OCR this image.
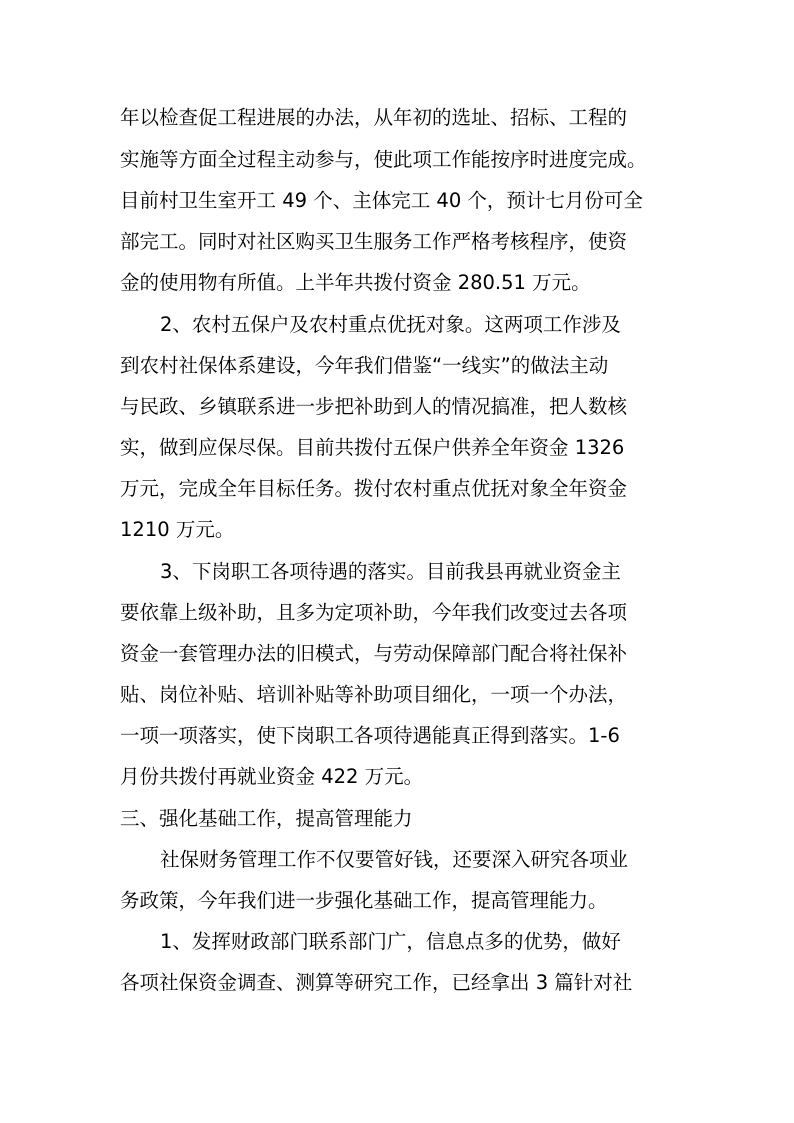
年以检查促工程进展的办法，从年初的选址、招标、工程的
实施等方面全过程主动参与，使此项工作能按序时进度完成。
目前村卫生室开工 49 个、主体完工 40 个，预计七月份可全
部完工。同时对社区购买卫生服务工作严格考核程序，使资
金的使用物有所值。上半年共拨付资金 280.51 万元。
2、农村五保户及农村重点优抚对象。这两项工作涉及
到农村社保体系建设，今年我们借鉴“一线实”的做法主动
与民政、乡镇联系进一步把补助到人的情况搞准，把人数核
实，做到应保尽保。目前共拨付五保户供养全年资金 1326
万元，完成全年目标任务。拨付农村重点优抚对象全年资金
1210 万元。
3、下岗职工各项待遇的落实。目前我县再就业资金主
要依靠上级补助，且多为定项补助，今年我们改变过去各项
资金一套管理办法的旧模式，与劳动保障部门配合将社保补
贴、岗位补贴、培训补贴等补助项目细化，一项一个办法，
一项一项落实，使下岗职工各项待遇能真正得到落实。1-6
月份共拨付再就业资金 422 万元。
三、强化基础工作，提高管理能力
社保财务管理工作不仅要管好钱，还要深入研究各项业
务政策，今年我们进一步强化基础工作，提高管理能力。
1、发挥财政部门联系部门广，信息点多的优势，做好
各项社保资金调查、测算等研究工作，已经拿出 3 篇针对社
